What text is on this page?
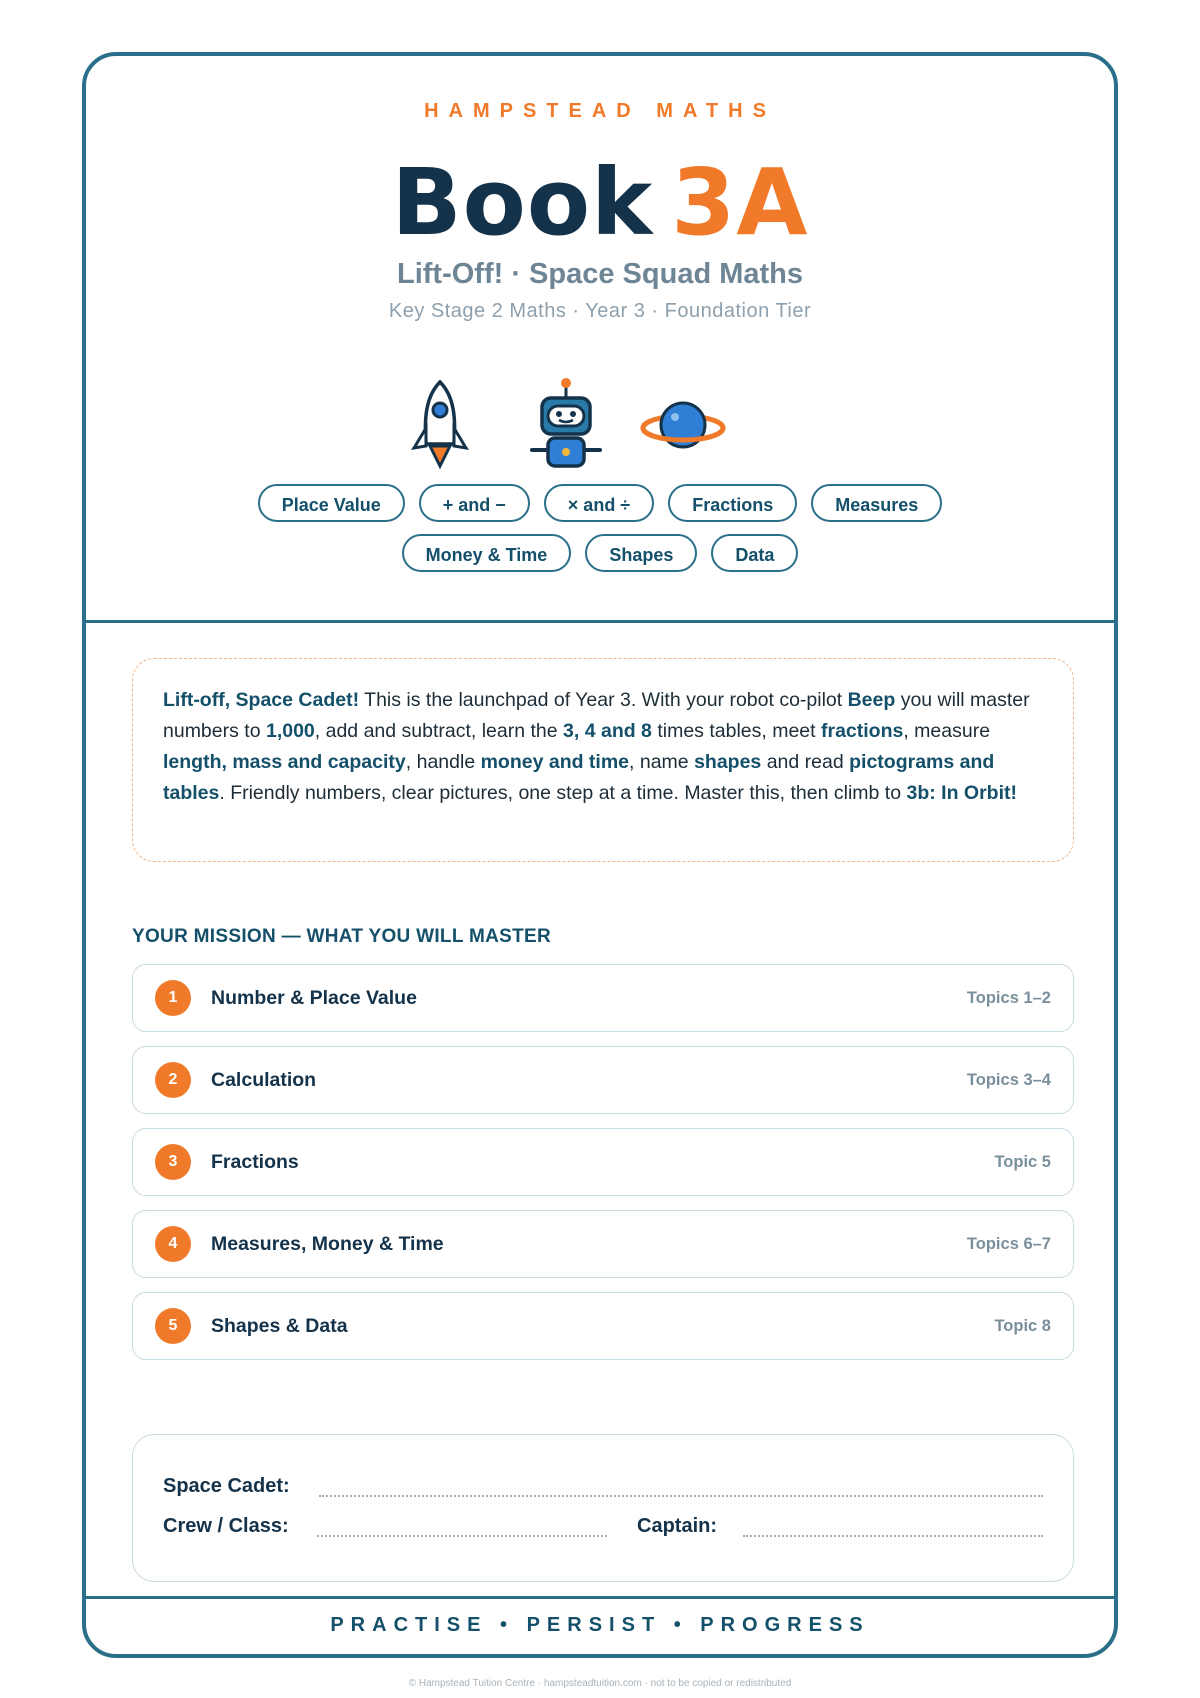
HAMPSTEAD MATHS
Book 3A
Lift-Off! · Space Squad Maths
Key Stage 2 Maths · Year 3 · Foundation Tier
Place Value	+ and −	× and ÷	Fractions	Measures
Money & Time	Shapes	Data
Lift-off, Space Cadet! This is the launchpad of Year 3. With your robot co-pilot Beep you will master numbers to 1,000, add and subtract, learn the 3, 4 and 8 times tables, meet fractions, measure length, mass and capacity, handle money and time, name shapes and read pictograms and tables. Friendly numbers, clear pictures, one step at a time. Master this, then climb to 3b: In Orbit!
YOUR MISSION — WHAT YOU WILL MASTER
1	Number & Place Value	Topics 1–2
2	Calculation	Topics 3–4
3	Fractions	Topic 5
4	Measures, Money & Time	Topics 6–7
5	Shapes & Data	Topic 8
Space Cadet:
Crew / Class:	Captain:
PRACTISE • PERSIST • PROGRESS
© Hampstead Tuition Centre · hampsteadtuition.com · not to be copied or redistributed
